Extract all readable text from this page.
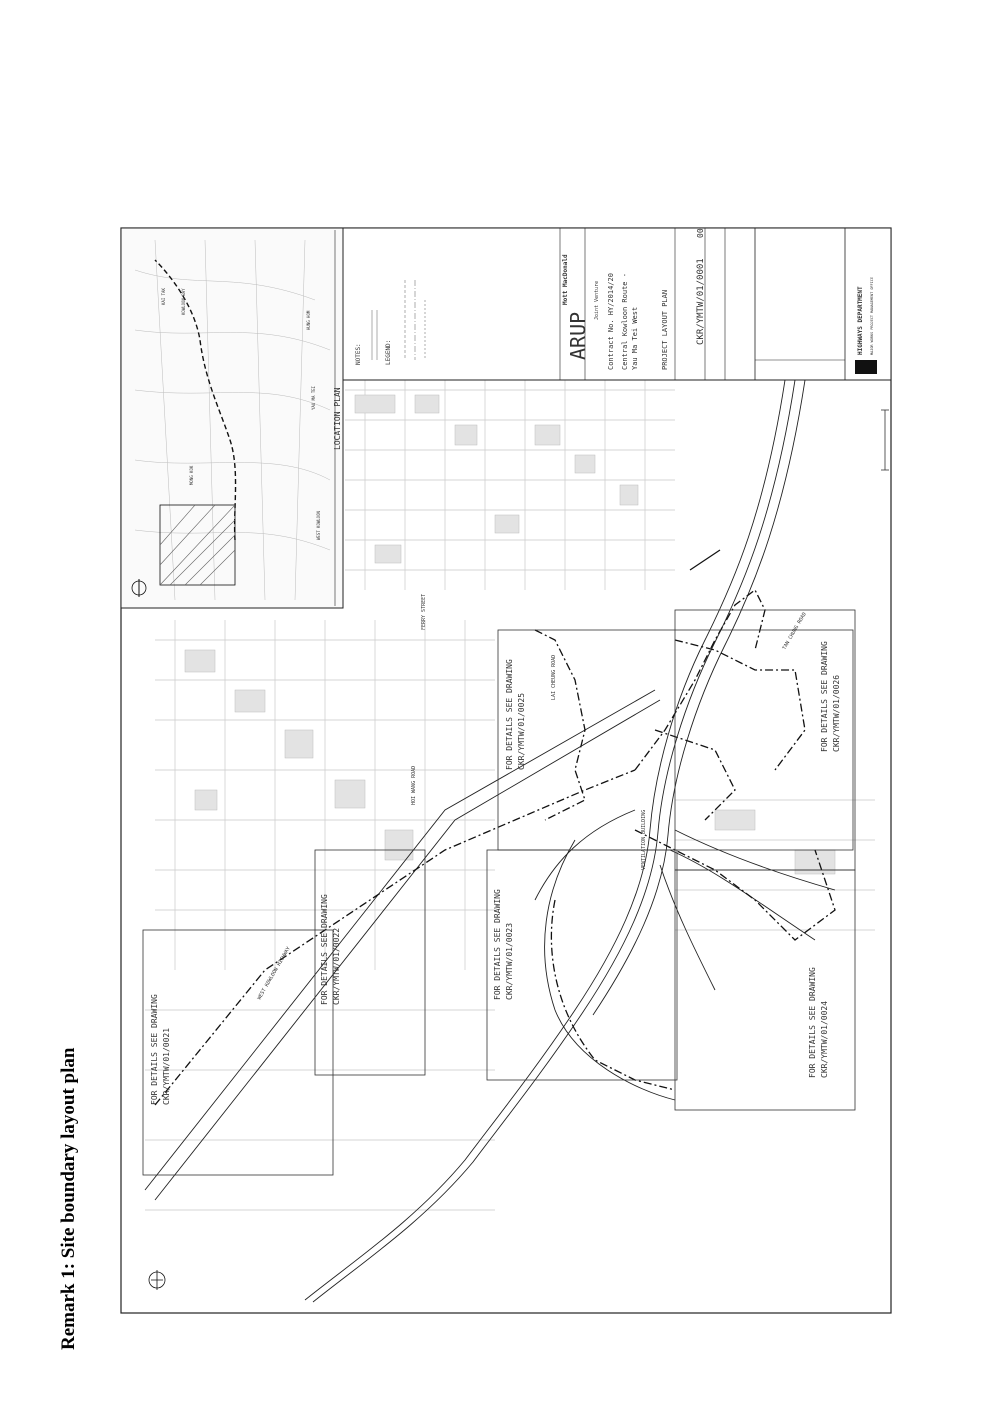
Remark 1: Site boundary layout plan
LOCATION PLAN
YAU MA TEI
WEST KOWLOON
MONG KOK
HUNG HOM
KAI TAK	KOWLOON BAY
NOTES:	LEGEND:	ARUP
Joint Venture
Mott MacDonald	Contract No. HY/2014/20 Central Kowloon Route - Yau Ma Tei West	PROJECT LAYOUT PLAN	CKR/YMTW/01/0001
00
HIGHWAYS DEPARTMENT MAJOR WORKS PROJECT MANAGEMENT OFFICE
FOR DETAILS SEE DRAWING CKR/YMTW/01/0021
FOR DETAILS SEE DRAWING CKR/YMTW/01/0022	FOR DETAILS SEE DRAWING CKR/YMTW/01/0023
FOR DETAILS SEE DRAWING CKR/YMTW/01/0024
FOR DETAILS SEE DRAWING CKR/YMTW/01/0025	FOR DETAILS SEE DRAWING CKR/YMTW/01/0026
FERRY STREET
HOI WANG ROAD
WEST KOWLOON HIGHWAY
LAI CHEUNG ROAD
TAN CHUNG ROAD
VENTILATION BUILDING
